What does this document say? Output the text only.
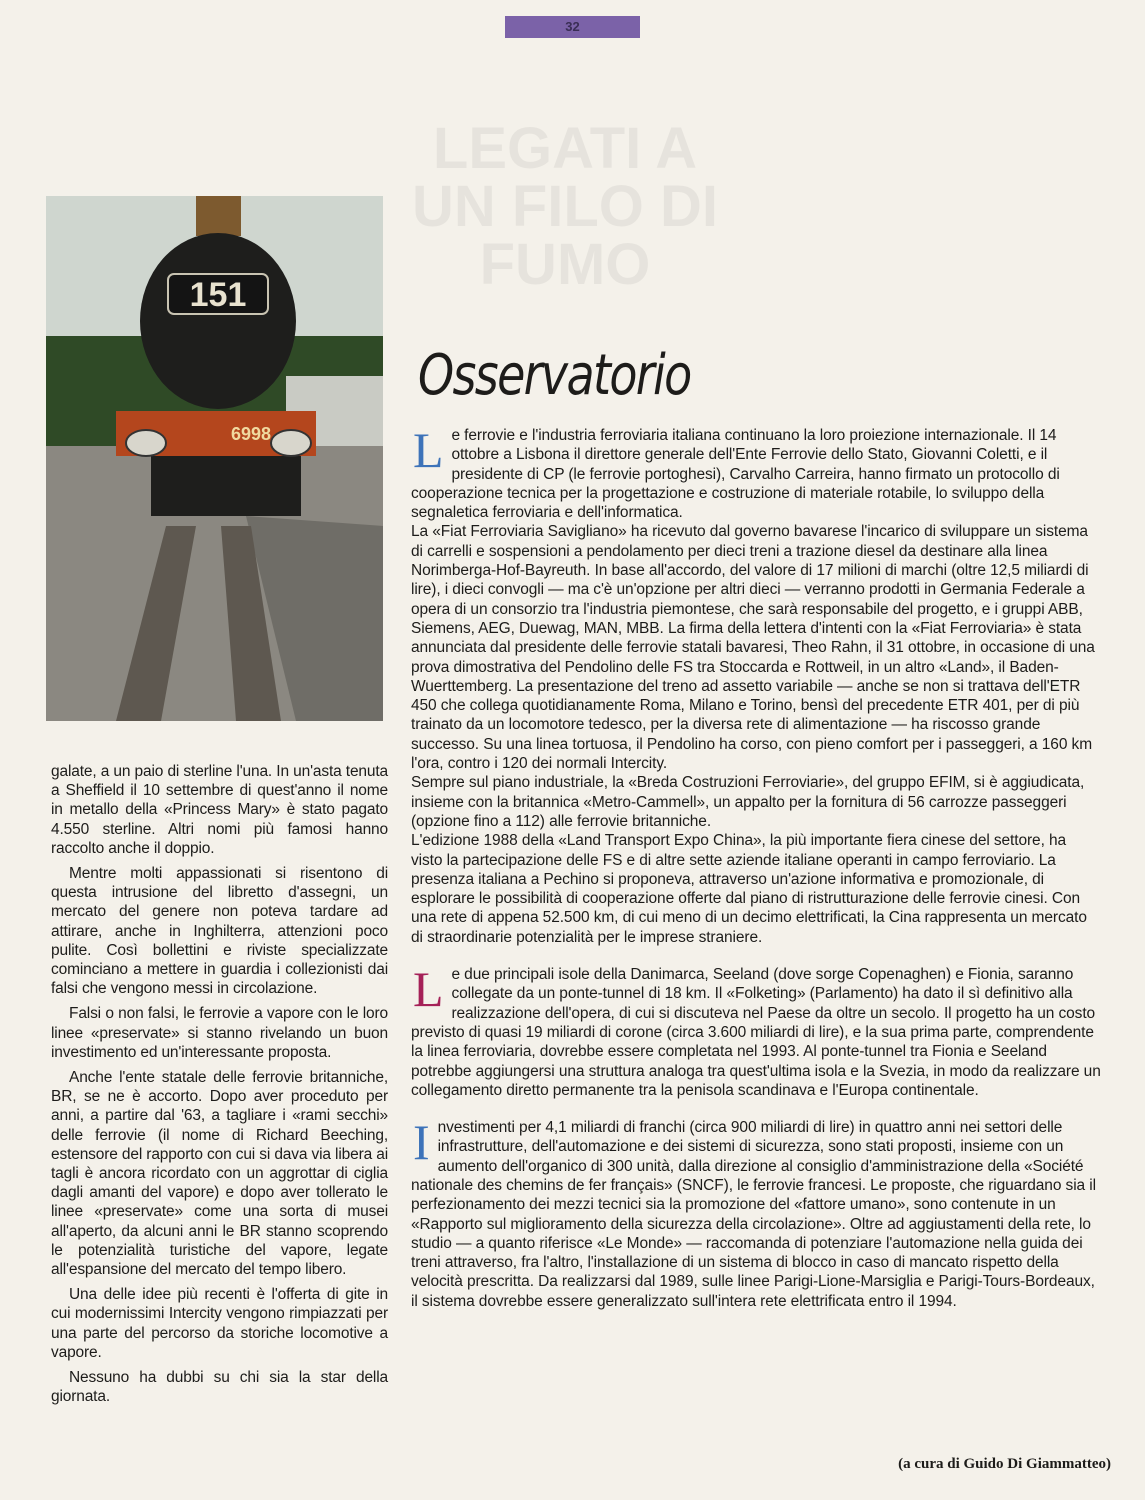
LEGATI A UN FILO DI FUMO
32
151
6998

galate, a un paio di sterline l'una. In un'asta tenuta a Sheffield il 10 settembre di quest'anno il nome in metallo della «Princess Mary» è stato pagato 4.550 sterline. Altri nomi più famosi hanno raccolto anche il doppio.

Mentre molti appassionati si risentono di questa intrusione del libretto d'assegni, un mercato del genere non poteva tardare ad attirare, anche in Inghilterra, attenzioni poco pulite. Così bollettini e riviste specializzate cominciano a mettere in guardia i collezionisti dai falsi che vengono messi in circolazione.

Falsi o non falsi, le ferrovie a vapore con le loro linee «preservate» si stanno rivelando un buon investimento ed un'interessante proposta.

Anche l'ente statale delle ferrovie britanniche, BR, se ne è accorto. Dopo aver proceduto per anni, a partire dal '63, a tagliare i «rami secchi» delle ferrovie (il nome di Richard Beeching, estensore del rapporto con cui si dava via libera ai tagli è ancora ricordato con un aggrottar di ciglia dagli amanti del vapore) e dopo aver tollerato le linee «preservate» come una sorta di musei all'aperto, da alcuni anni le BR stanno scoprendo le potenzialità turistiche del vapore, legate all'espansione del mercato del tempo libero.

Una delle idee più recenti è l'offerta di gite in cui modernissimi Intercity vengono rimpiazzati per una parte del percorso da storiche locomotive a vapore.

Nessuno ha dubbi su chi sia la star della giornata.

Osservatorio
L e ferrovie e l'industria ferroviaria italiana continuano la loro proiezione internazionale. Il 14 ottobre a Lisbona il direttore generale dell'Ente Ferrovie dello Stato, Giovanni Coletti, e il presidente di CP (le ferrovie portoghesi), Carvalho Carreira, hanno firmato un protocollo di cooperazione tecnica per la progettazione e costruzione di materiale rotabile, lo sviluppo della segnaletica ferroviaria e dell'informatica.

La «Fiat Ferroviaria Savigliano» ha ricevuto dal governo bavarese l'incarico di sviluppare un sistema di carrelli e sospensioni a pendolamento per dieci treni a trazione diesel da destinare alla linea Norimberga-Hof-Bayreuth. In base all'accordo, del valore di 17 milioni di marchi (oltre 12,5 miliardi di lire), i dieci convogli — ma c'è un'opzione per altri dieci — verranno prodotti in Germania Federale a opera di un consorzio tra l'industria piemontese, che sarà responsabile del progetto, e i gruppi ABB, Siemens, AEG, Duewag, MAN, MBB. La firma della lettera d'intenti con la «Fiat Ferroviaria» è stata annunciata dal presidente delle ferrovie statali bavaresi, Theo Rahn, il 31 ottobre, in occasione di una prova dimostrativa del Pendolino delle FS tra Stoccarda e Rottweil, in un altro «Land», il Baden-Wuerttemberg. La presentazione del treno ad assetto variabile — anche se non si trattava dell'ETR 450 che collega quotidianamente Roma, Milano e Torino, bensì del precedente ETR 401, per di più trainato da un locomotore tedesco, per la diversa rete di alimentazione — ha riscosso grande successo. Su una linea tortuosa, il Pendolino ha corso, con pieno comfort per i passeggeri, a 160 km l'ora, contro i 120 dei normali Intercity.

Sempre sul piano industriale, la «Breda Costruzioni Ferroviarie», del gruppo EFIM, si è aggiudicata, insieme con la britannica «Metro-Cammell», un appalto per la fornitura di 56 carrozze passeggeri (opzione fino a 112) alle ferrovie britanniche.

L'edizione 1988 della «Land Transport Expo China», la più importante fiera cinese del settore, ha visto la partecipazione delle FS e di altre sette aziende italiane operanti in campo ferroviario. La presenza italiana a Pechino si proponeva, attraverso un'azione informativa e promozionale, di esplorare le possibilità di cooperazione offerte dal piano di ristrutturazione delle ferrovie cinesi. Con una rete di appena 52.500 km, di cui meno di un decimo elettrificati, la Cina rappresenta un mercato di straordinarie potenzialità per le imprese straniere.

L e due principali isole della Danimarca, Seeland (dove sorge Copenaghen) e Fionia, saranno collegate da un ponte-tunnel di 18 km. Il «Folketing» (Parlamento) ha dato il sì definitivo alla realizzazione dell'opera, di cui si discuteva nel Paese da oltre un secolo. Il progetto ha un costo previsto di quasi 19 miliardi di corone (circa 3.600 miliardi di lire), e la sua prima parte, comprendente la linea ferroviaria, dovrebbe essere completata nel 1993. Al ponte-tunnel tra Fionia e Seeland potrebbe aggiungersi una struttura analoga tra quest'ultima isola e la Svezia, in modo da realizzare un collegamento diretto permanente tra la penisola scandinava e l'Europa continentale.

I nvestimenti per 4,1 miliardi di franchi (circa 900 miliardi di lire) in quattro anni nei settori delle infrastrutture, dell'automazione e dei sistemi di sicurezza, sono stati proposti, insieme con un aumento dell'organico di 300 unità, dalla direzione al consiglio d'amministrazione della «Société nationale des chemins de fer français» (SNCF), le ferrovie francesi. Le proposte, che riguardano sia il perfezionamento dei mezzi tecnici sia la promozione del «fattore umano», sono contenute in un «Rapporto sul miglioramento della sicurezza della circolazione». Oltre ad aggiustamenti della rete, lo studio — a quanto riferisce «Le Monde» — raccomanda di potenziare l'automazione nella guida dei treni attraverso, fra l'altro, l'installazione di un sistema di blocco in caso di mancato rispetto della velocità prescritta. Da realizzarsi dal 1989, sulle linee Parigi-Lione-Marsiglia e Parigi-Tours-Bordeaux, il sistema dovrebbe essere generalizzato sull'intera rete elettrificata entro il 1994.

(a cura di Guido Di Giammatteo)
